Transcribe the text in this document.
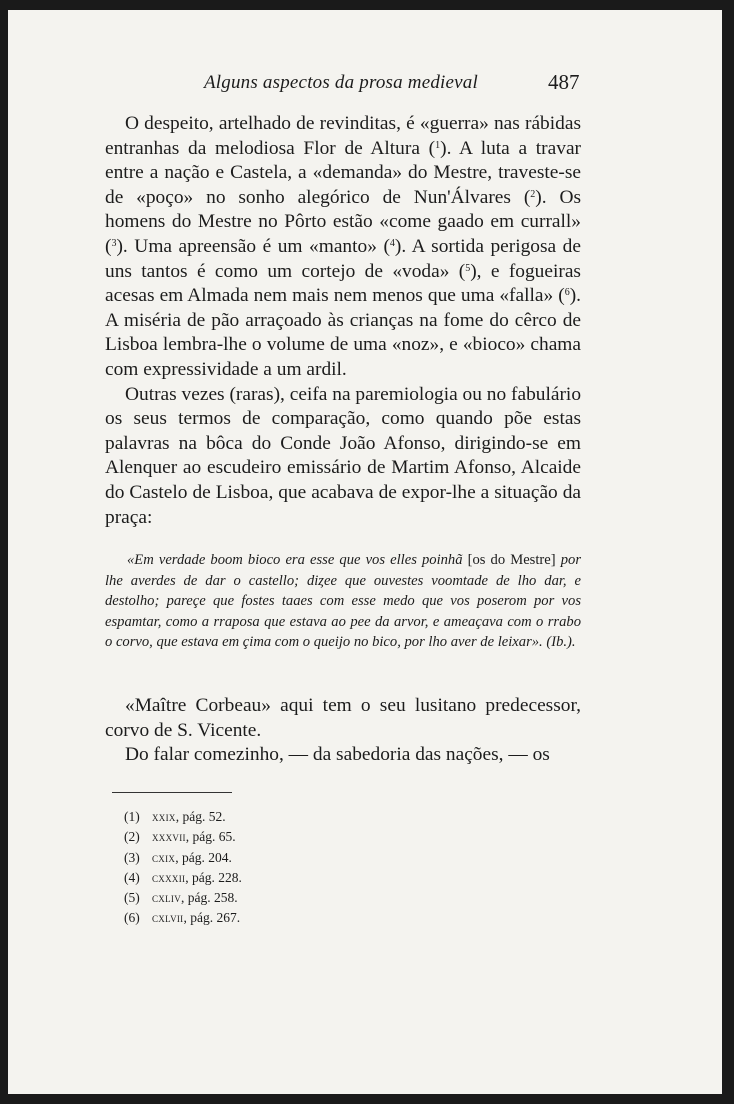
Alguns aspectos da prosa medieval	487

O despeito, artelhado de revinditas, é «guerra» nas rábidas entranhas da melodiosa Flor de Altura ($^1$). A luta a travar entre a nação e Castela, a «demanda» do Mestre, traveste-se de «poço» no sonho alegórico de Nun'Álvares ($^2$). Os homens do Mestre no Pôrto estão «come gaado em currall» ($^3$). Uma apreensão é um «manto» ($^4$). A sortida perigosa de uns tantos é como um cortejo de «voda» ($^5$), e fogueiras acesas em Almada nem mais nem menos que uma «falla» ($^6$). A miséria de pão arraçoado às crianças na fome do cêrco de Lisboa lembra-lhe o volume de uma «noz», e «bioco» chama com expressividade a um ardil.

Outras vezes (raras), ceifa na paremiologia ou no fabulário os seus termos de comparação, como quando põe estas palavras na bôca do Conde João Afonso, dirigindo-se em Alenquer ao escudeiro emissário de Martim Afonso, Alcaide do Castelo de Lisboa, que acabava de expor-lhe a situação da praça:

«Em verdade boom bioco era esse que vos elles poinhã [os do Mestre] por lhe averdes de dar o castello; diȥee que ouvestes voomtade de lho dar, e destolho; pareçe que fostes taaes com esse medo que vos poserom por vos espamtar, como a rraposa que estava ao pee da arvor, e ameaçava com o rrabo o corvo, que estava em çima com o queijo no bico, por lho aver de leixar». (Ib.).

«Maître Corbeau» aqui tem o seu lusitano predecessor, corvo de S. Vicente.

Do falar comezinho, — da sabedoria das nações, — os

(1) xxix, pág. 52.
(2) xxxvii, pág. 65.
(3) cxix, pág. 204.
(4) cxxxii, pág. 228.
(5) cxliv, pág. 258.
(6) cxlvii, pág. 267.
